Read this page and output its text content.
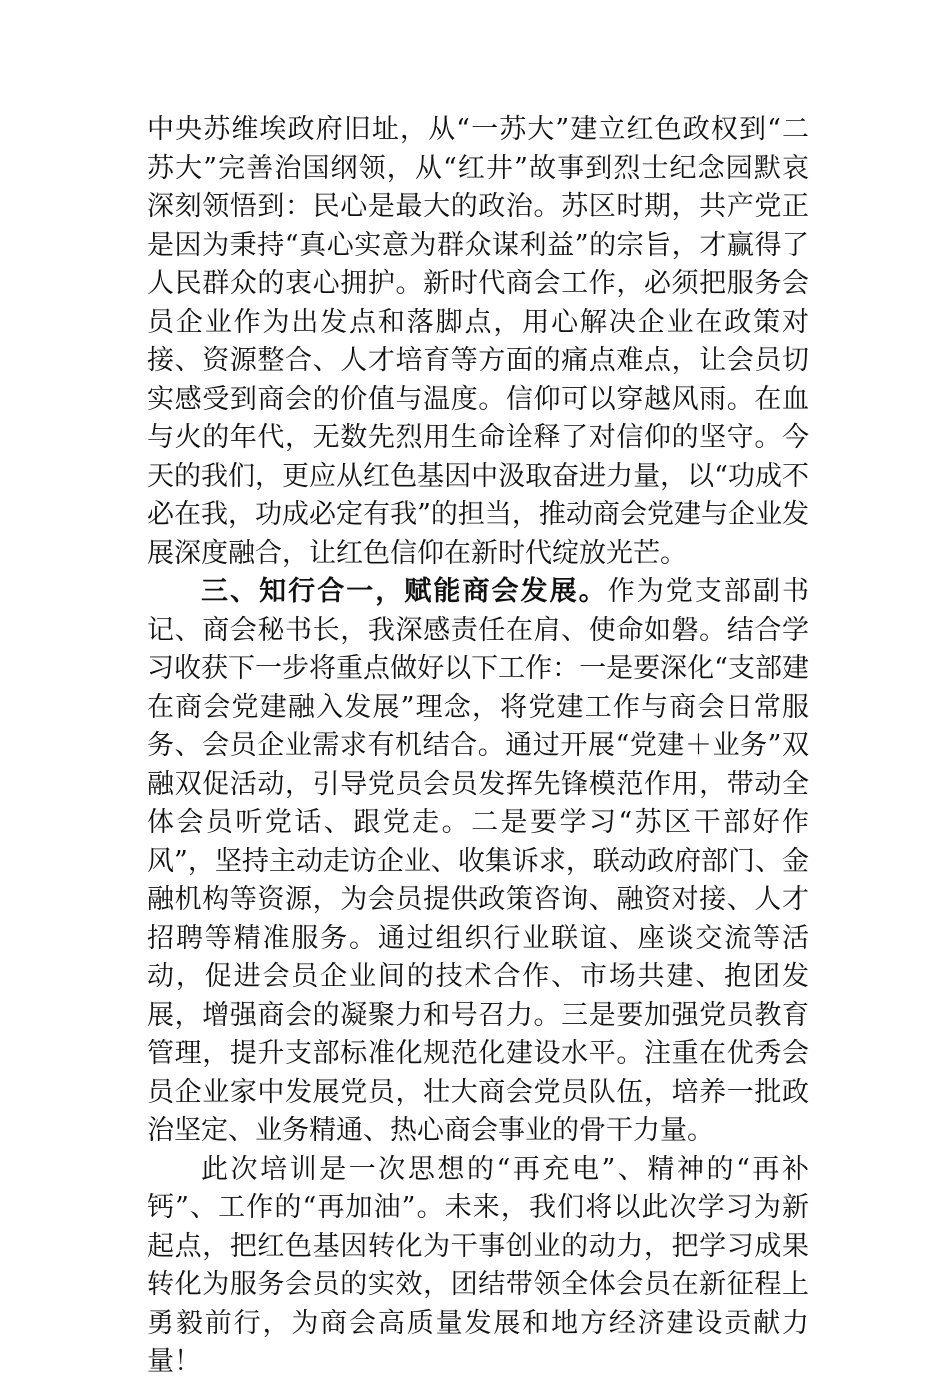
中央苏维埃政府旧址，从“一苏大”建立红色政权到“二苏大”完善治国纲领，从“红井”故事到烈士纪念园默哀深刻领悟到：民心是最大的政治。苏区时期，共产党正是因为秉持“真心实意为群众谋利益”的宗旨，才赢得了人民群众的衷心拥护。新时代商会工作，必须把服务会员企业作为出发点和落脚点，用心解决企业在政策对接、资源整合、人才培育等方面的痛点难点，让会员切实感受到商会的价值与温度。信仰可以穿越风雨。在血与火的年代，无数先烈用生命诠释了对信仰的坚守。今天的我们，更应从红色基因中汲取奋进力量，以“功成不必在我，功成必定有我”的担当，推动商会党建与企业发展深度融合，让红色信仰在新时代绽放光芒。

三、知行合一，赋能商会发展。作为党支部副书记、商会秘书长，我深感责任在肩、使命如磐。结合学习收获下一步将重点做好以下工作：一是要深化“支部建在商会党建融入发展”理念，将党建工作与商会日常服务、会员企业需求有机结合。通过开展“党建＋业务”双融双促活动，引导党员会员发挥先锋模范作用，带动全体会员听党话、跟党走。二是要学习“苏区干部好作风”，坚持主动走访企业、收集诉求，联动政府部门、金融机构等资源，为会员提供政策咨询、融资对接、人才招聘等精准服务。通过组织行业联谊、座谈交流等活动，促进会员企业间的技术合作、市场共建、抱团发展，增强商会的凝聚力和号召力。三是要加强党员教育管理，提升支部标准化规范化建设水平。注重在优秀会员企业家中发展党员，壮大商会党员队伍，培养一批政治坚定、业务精通、热心商会事业的骨干力量。

此次培训是一次思想的“再充电”、精神的“再补钙”、工作的“再加油”。未来，我们将以此次学习为新起点，把红色基因转化为干事创业的动力，把学习成果转化为服务会员的实效，团结带领全体会员在新征程上勇毅前行，为商会高质量发展和地方经济建设贡献力量！
